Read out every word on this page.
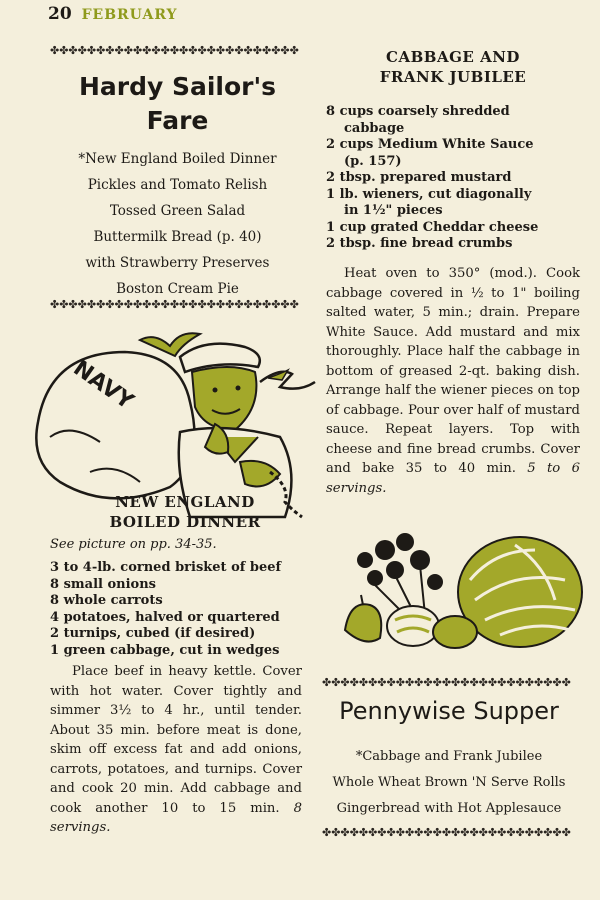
20 FEBRUARY
✤✤✤✤✤✤✤✤✤✤✤✤✤✤✤✤✤✤✤✤✤✤✤✤✤✤✤
Hardy Sailor's
Fare
*New England Boiled Dinner
Pickles and Tomato Relish
Tossed Green Salad
Buttermilk Bread (p. 40)
with Strawberry Preserves
Boston Cream Pie
✤✤✤✤✤✤✤✤✤✤✤✤✤✤✤✤✤✤✤✤✤✤✤✤✤✤✤
NAVY
NEW ENGLAND
BOILED DINNER
See picture on pp. 34-35.
3 to 4-lb. corned brisket of beef
8 small onions
8 whole carrots
4 potatoes, halved or quartered
2 turnips, cubed (if desired)
1 green cabbage, cut in wedges
Place beef in heavy kettle. Cover with hot water. Cover tightly and simmer 3½ to 4 hr., until tender. About 35 min. before meat is done, skim off excess fat and add onions, carrots, potatoes, and turnips. Cover and cook 20 min. Add cabbage and cook another 10 to 15 min. 8 servings.
CABBAGE AND
FRANK JUBILEE
8 cups coarsely shredded
cabbage
2 cups Medium White Sauce
(p. 157)
2 tbsp. prepared mustard
1 lb. wieners, cut diagonally
in 1½" pieces
1 cup grated Cheddar cheese
2 tbsp. fine bread crumbs
Heat oven to 350° (mod.). Cook cabbage covered in ½ to 1" boiling salted water, 5 min.; drain. Prepare White Sauce. Add mustard and mix thoroughly. Place half the cabbage in bottom of greased 2-qt. baking dish. Arrange half the wiener pieces on top of cabbage. Pour over half of mustard sauce. Repeat layers. Top with cheese and fine bread crumbs. Cover and bake 35 to 40 min. 5 to 6 servings.
✤✤✤✤✤✤✤✤✤✤✤✤✤✤✤✤✤✤✤✤✤✤✤✤✤✤✤
Pennywise Supper
*Cabbage and Frank Jubilee
Whole Wheat Brown 'N Serve Rolls
Gingerbread with Hot Applesauce
✤✤✤✤✤✤✤✤✤✤✤✤✤✤✤✤✤✤✤✤✤✤✤✤✤✤✤
